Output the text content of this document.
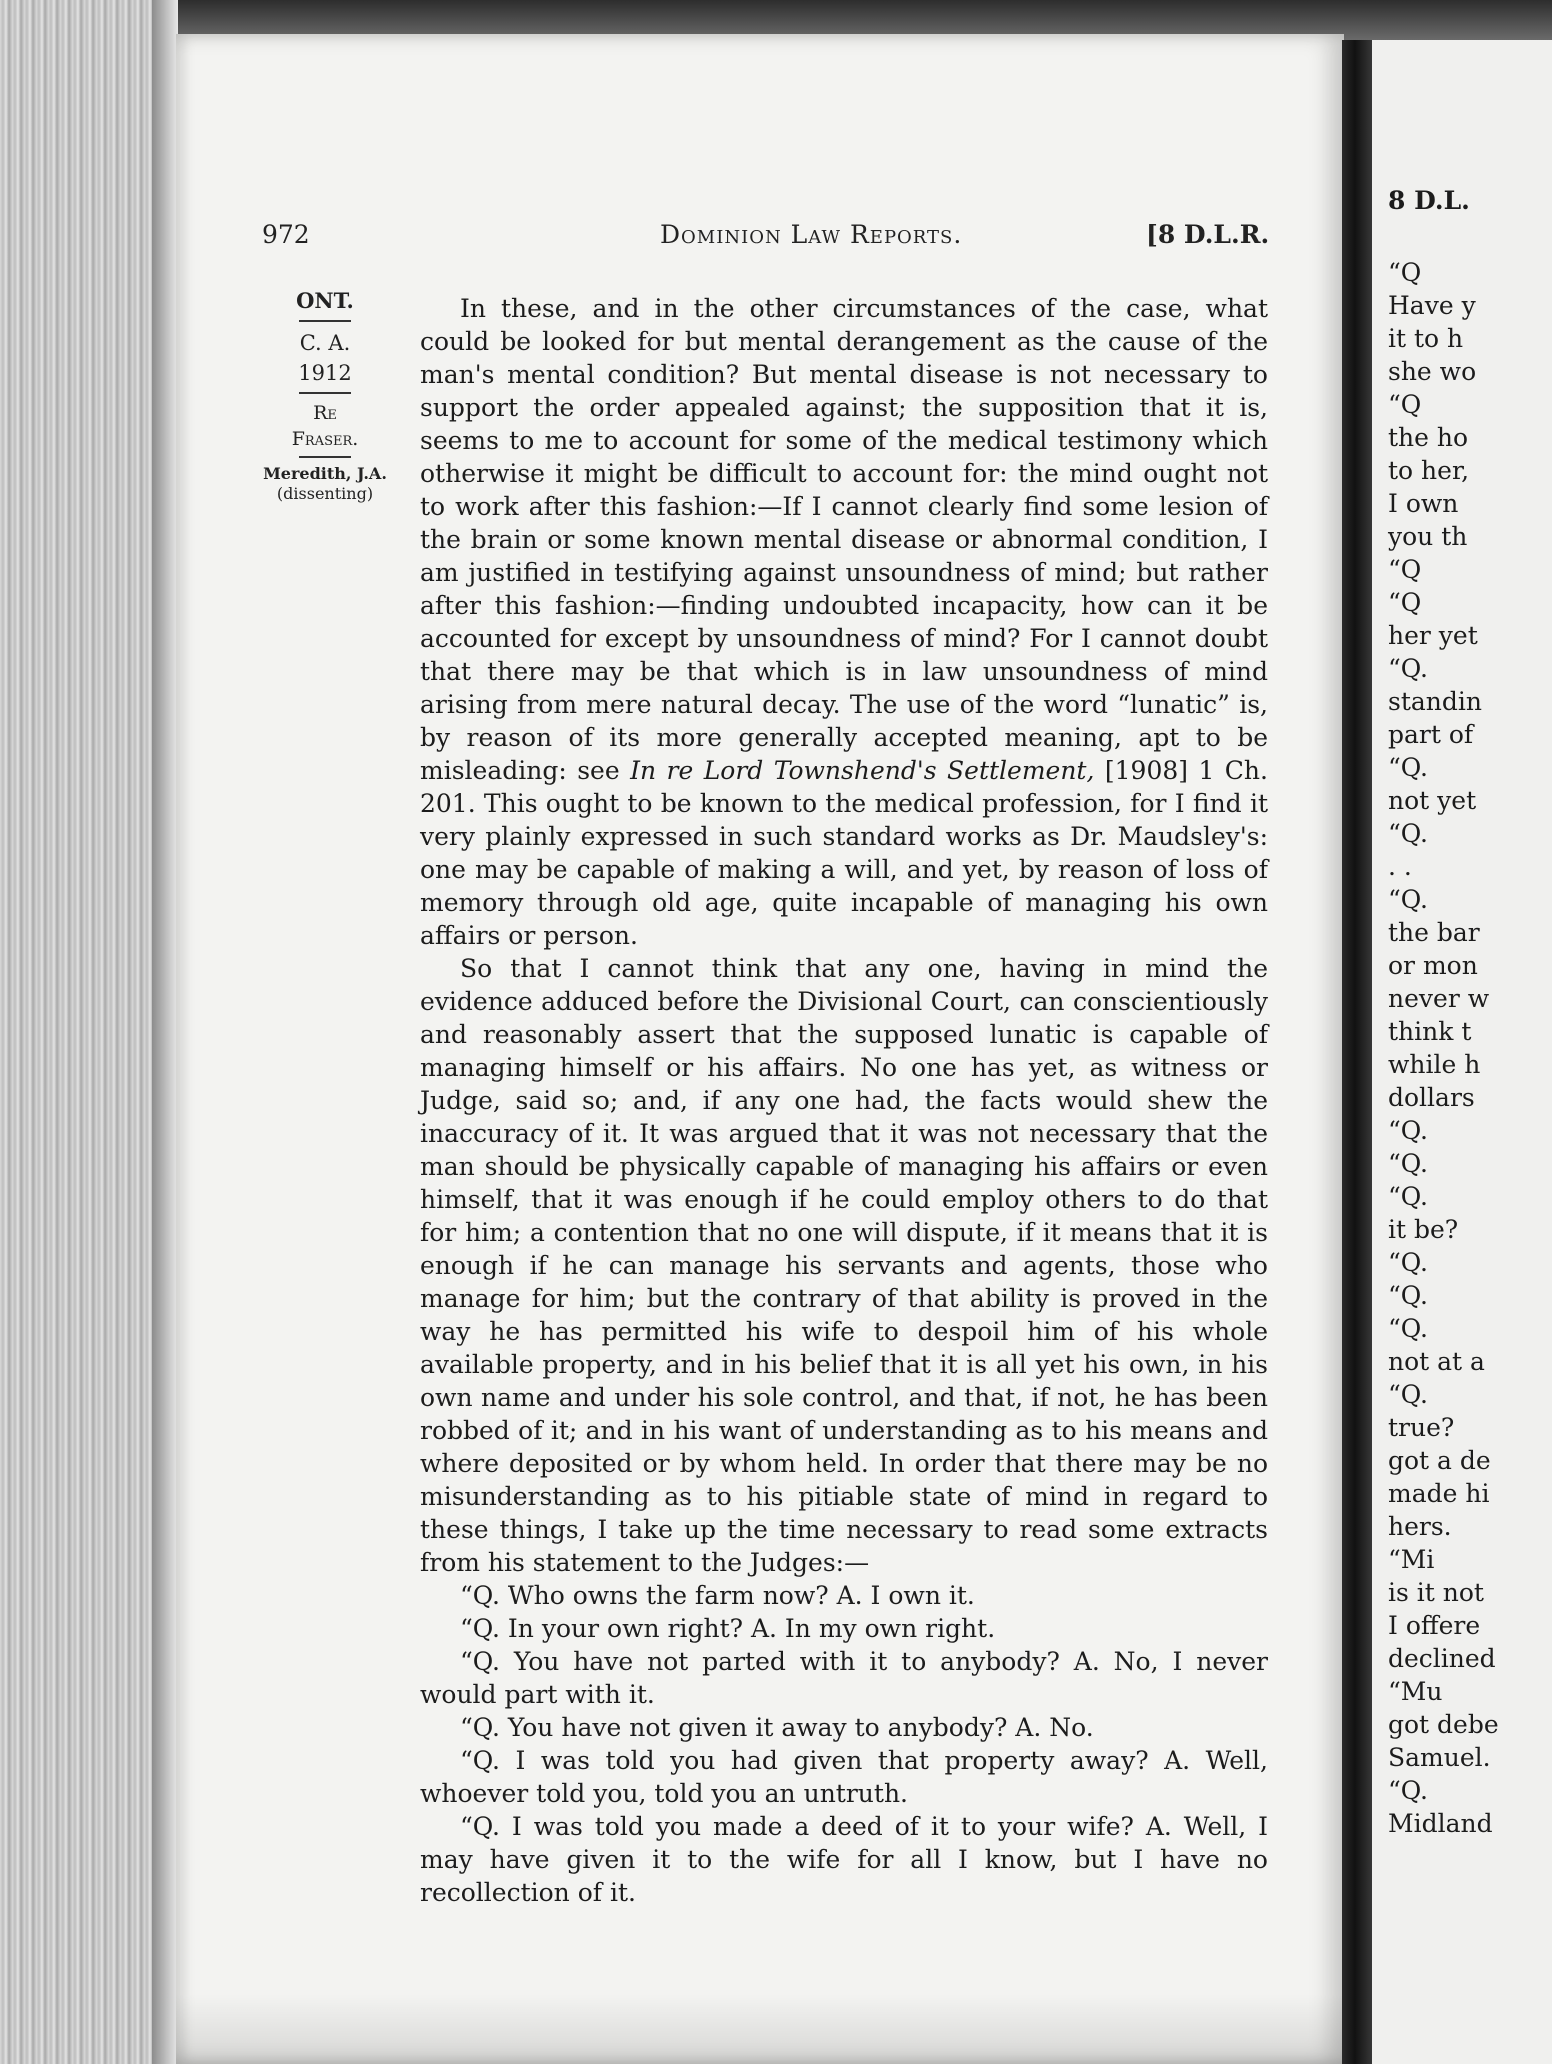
972	Dominion Law Reports.	[8 D.L.R.
ONT.
C. A.
1912
Re
Fraser.
Meredith, J.A.
(dissenting)

In these, and in the other circumstances of the case, what could be looked for but mental derangement as the cause of the man's mental condition? But mental disease is not necessary to support the order appealed against; the supposition that it is, seems to me to account for some of the medical testimony which otherwise it might be difficult to account for: the mind ought not to work after this fashion:—If I cannot clearly find some lesion of the brain or some known mental disease or abnormal condition, I am justified in testifying against unsoundness of mind; but rather after this fashion:—finding undoubted incapacity, how can it be accounted for except by unsoundness of mind? For I cannot doubt that there may be that which is in law unsoundness of mind arising from mere natural decay. The use of the word “lunatic” is, by reason of its more generally accepted meaning, apt to be misleading: see In re Lord Townshend's Settlement, [1908] 1 Ch. 201. This ought to be known to the medical profession, for I find it very plainly expressed in such standard works as Dr. Maudsley's: one may be capable of making a will, and yet, by reason of loss of memory through old age, quite incapable of managing his own affairs or person.

So that I cannot think that any one, having in mind the evidence adduced before the Divisional Court, can conscientiously and reasonably assert that the supposed lunatic is capable of managing himself or his affairs. No one has yet, as witness or Judge, said so; and, if any one had, the facts would shew the inaccuracy of it. It was argued that it was not necessary that the man should be physically capable of managing his affairs or even himself, that it was enough if he could employ others to do that for him; a contention that no one will dispute, if it means that it is enough if he can manage his servants and agents, those who manage for him; but the contrary of that ability is proved in the way he has permitted his wife to despoil him of his whole available property, and in his belief that it is all yet his own, in his own name and under his sole control, and that, if not, he has been robbed of it; and in his want of understanding as to his means and where deposited or by whom held. In order that there may be no misunderstanding as to his pitiable state of mind in regard to these things, I take up the time necessary to read some extracts from his statement to the Judges:—

“Q. Who owns the farm now? A. I own it.

“Q. In your own right? A. In my own right.

“Q. You have not parted with it to anybody? A. No, I never would part with it.

“Q. You have not given it away to anybody? A. No.

“Q. I was told you had given that property away? A. Well, whoever told you, told you an untruth.

“Q. I was told you made a deed of it to your wife? A. Well, I may have given it to the wife for all I know, but I have no recollection of it.

8 D.L.
“Q
Have y
it to h
she wo
“Q
the ho
to her,
I own
you th
“Q
“Q
her yet
“Q.
standin
part of
“Q.
not yet
“Q.
. .
“Q.
the bar
or mon
never w
think t
while h
dollars
“Q.
“Q.
“Q.
it be?
“Q.
“Q.
“Q.
not at a
“Q.
true?
got a de
made hi
hers.
“Mi
is it not
I offere
declined
“Mu
got debe
Samuel.
“Q.
Midland
